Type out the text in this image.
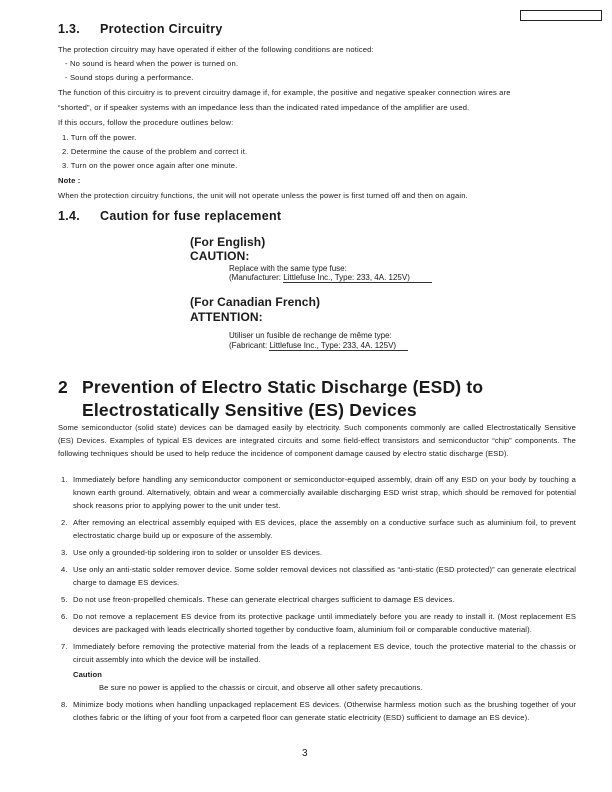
1.3. Protection Circuitry
The protection circuitry may have operated if either of the following conditions are noticed:
- No sound is heard when the power is turned on.
- Sound stops during a performance.
The function of this circuitry is to prevent circuitry damage if, for example, the positive and negative speaker connection wires are
“shorted”, or if speaker systems with an impedance less than the indicated rated impedance of the amplifier are used.
If this occurs, follow the procedure outlines below:
1. Turn off the power.
2. Determine the cause of the problem and correct it.
3. Turn on the power once again after one minute.
Note :
When the protection circuitry functions, the unit will not operate unless the power is first turned off and then on again.
1.4. Caution for fuse replacement
(For English)
CAUTION:
Replace with the same type fuse:
(Manufacturer: Littlefuse Inc., Type: 233, 4A. 125V)
(For Canadian French)
ATTENTION:
Utiliser un fusible de rechange de même type:
(Fabricant: Littlefuse Inc., Type: 233, 4A. 125V)
2 Prevention of Electro Static Discharge (ESD) to
Electrostatically Sensitive (ES) Devices
Some semiconductor (solid state) devices can be damaged easily by electricity. Such components commonly are called Electrostatically Sensitive (ES) Devices. Examples of typical ES devices are integrated circuits and some field-effect transistors and semiconductor “chip” components. The following techniques should be used to help reduce the incidence of component damage caused by electro static discharge (ESD).
1. Immediately before handling any semiconductor component or semiconductor-equiped assembly, drain off any ESD on your body by touching a known earth ground. Alternatively, obtain and wear a commercially available discharging ESD wrist strap, which should be removed for potential shock reasons prior to applying power to the unit under test.
2. After removing an electrical assembly equiped with ES devices, place the assembly on a conductive surface such as aluminium foil, to prevent electrostatic charge build up or exposure of the assembly.
3. Use only a grounded-tip soldering iron to solder or unsolder ES devices.
4. Use only an anti-static solder remover device. Some solder removal devices not classified as “anti-static (ESD protected)” can generate electrical charge to damage ES devices.
5. Do not use freon-propelled chemicals. These can generate electrical charges sufficient to damage ES devices.
6. Do not remove a replacement ES device from its protective package until immediately before you are ready to install it. (Most replacement ES devices are packaged with leads electrically shorted together by conductive foam, aluminium foil or comparable conductive material).
7. Immediately before removing the protective material from the leads of a replacement ES device, touch the protective material to the chassis or circuit assembly into which the device will be installed.
Caution
Be sure no power is applied to the chassis or circuit, and observe all other safety precautions.
8. Minimize body motions when handling unpackaged replacement ES devices. (Otherwise harmless motion such as the brushing together of your clothes fabric or the lifting of your foot from a carpeted floor can generate static electricity (ESD) sufficient to damage an ES device).
3
